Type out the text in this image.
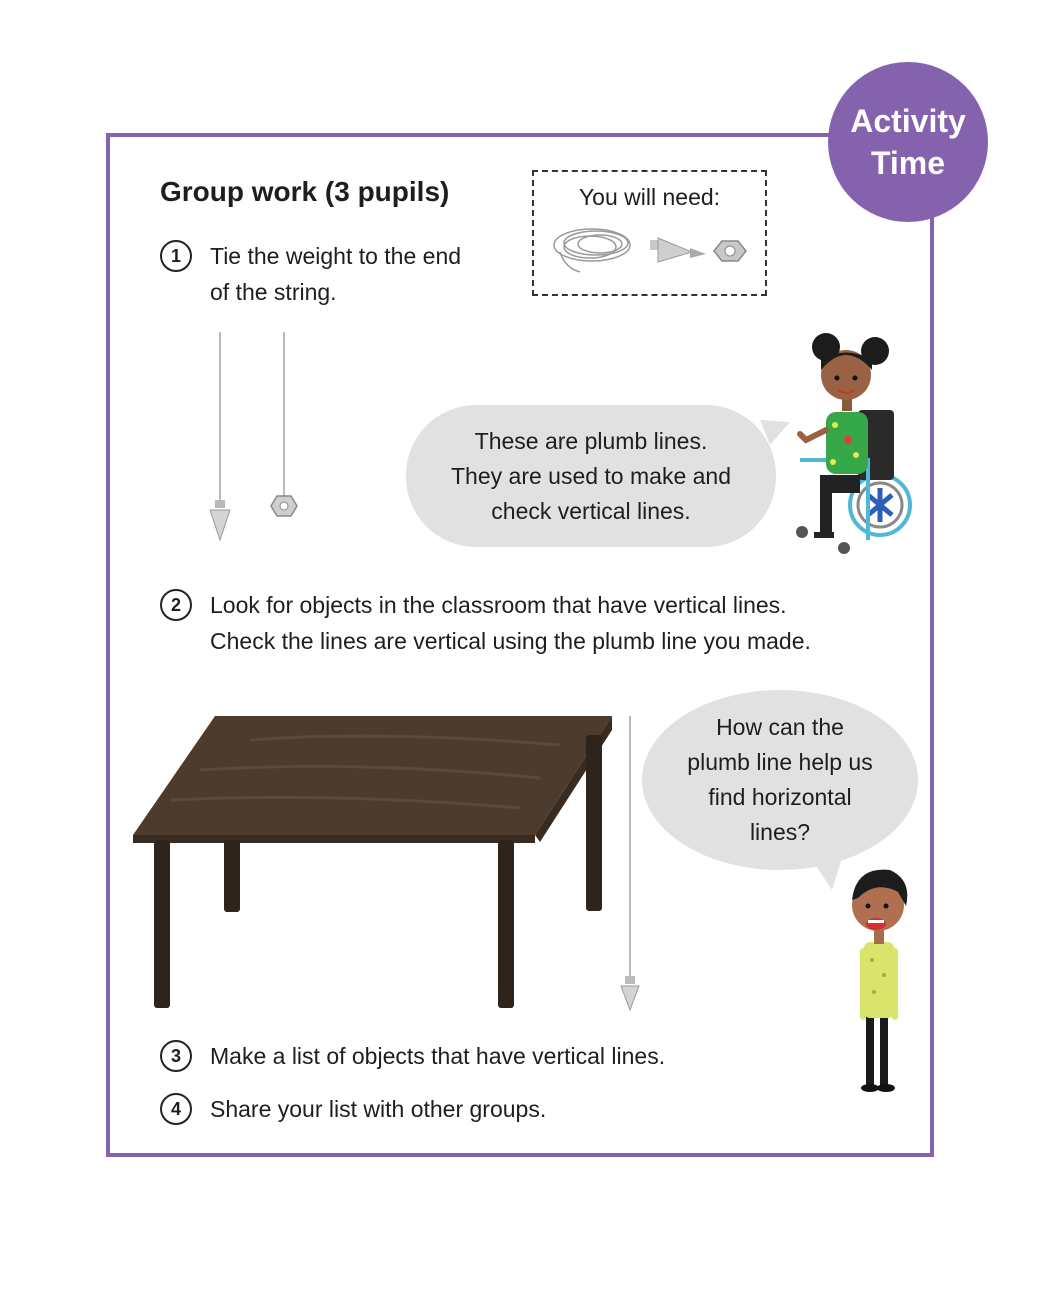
Activity
Time
Group work (3 pupils)	You will need:
1	Tie the weight to the end
of the string.
2	Look for objects in the classroom that have vertical lines.
Check the lines are vertical using the plumb line you made.
3	Make a list of objects that have vertical lines.
4	Share your list with other groups.
These are plumb lines.
They are used to make and
check vertical lines.
How can the
plumb line help us
find horizontal
lines?
